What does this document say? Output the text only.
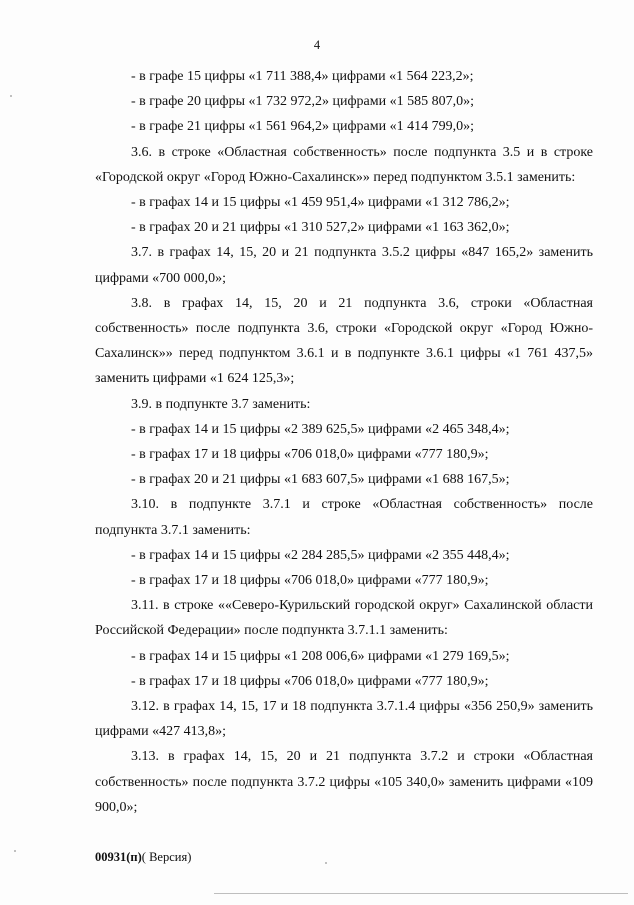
4

- в графе 15 цифры «1 711 388,4» цифрами «1 564 223,2»;

- в графе 20 цифры «1 732 972,2» цифрами «1 585 807,0»;

- в графе 21 цифры «1 561 964,2» цифрами «1 414 799,0»;

3.6. в строке «Областная собственность» после подпункта 3.5 и в строке «Городской округ «Город Южно-Сахалинск»» перед подпунктом 3.5.1 заменить:

- в графах 14 и 15 цифры «1 459 951,4» цифрами «1 312 786,2»;

- в графах 20 и 21 цифры «1 310 527,2» цифрами «1 163 362,0»;

3.7. в графах 14, 15, 20 и 21 подпункта 3.5.2 цифры «847 165,2» заменить цифрами «700 000,0»;

3.8. в графах 14, 15, 20 и 21 подпункта 3.6, строки «Областная собственность» после подпункта 3.6, строки «Городской округ «Город Южно-Сахалинск»» перед подпунктом 3.6.1 и в подпункте 3.6.1 цифры «1 761 437,5» заменить цифрами «1 624 125,3»;

3.9. в подпункте 3.7 заменить:

- в графах 14 и 15 цифры «2 389 625,5» цифрами «2 465 348,4»;

- в графах 17 и 18 цифры «706 018,0» цифрами «777 180,9»;

- в графах 20 и 21 цифры «1 683 607,5» цифрами «1 688 167,5»;

3.10. в подпункте 3.7.1 и строке «Областная собственность» после подпункта 3.7.1 заменить:

- в графах 14 и 15 цифры «2 284 285,5» цифрами «2 355 448,4»;

- в графах 17 и 18 цифры «706 018,0» цифрами «777 180,9»;

3.11. в строке ««Северо-Курильский городской округ» Сахалинской области Российской Федерации» после подпункта 3.7.1.1 заменить:

- в графах 14 и 15 цифры «1 208 006,6» цифрами «1 279 169,5»;

- в графах 17 и 18 цифры «706 018,0» цифрами «777 180,9»;

3.12. в графах 14, 15, 17 и 18 подпункта 3.7.1.4 цифры «356 250,9» заменить цифрами «427 413,8»;

3.13. в графах 14, 15, 20 и 21 подпункта 3.7.2 и строки «Областная собственность» после подпункта 3.7.2 цифры «105 340,0» заменить цифрами «109 900,0»;

00931(п)( Версия)
